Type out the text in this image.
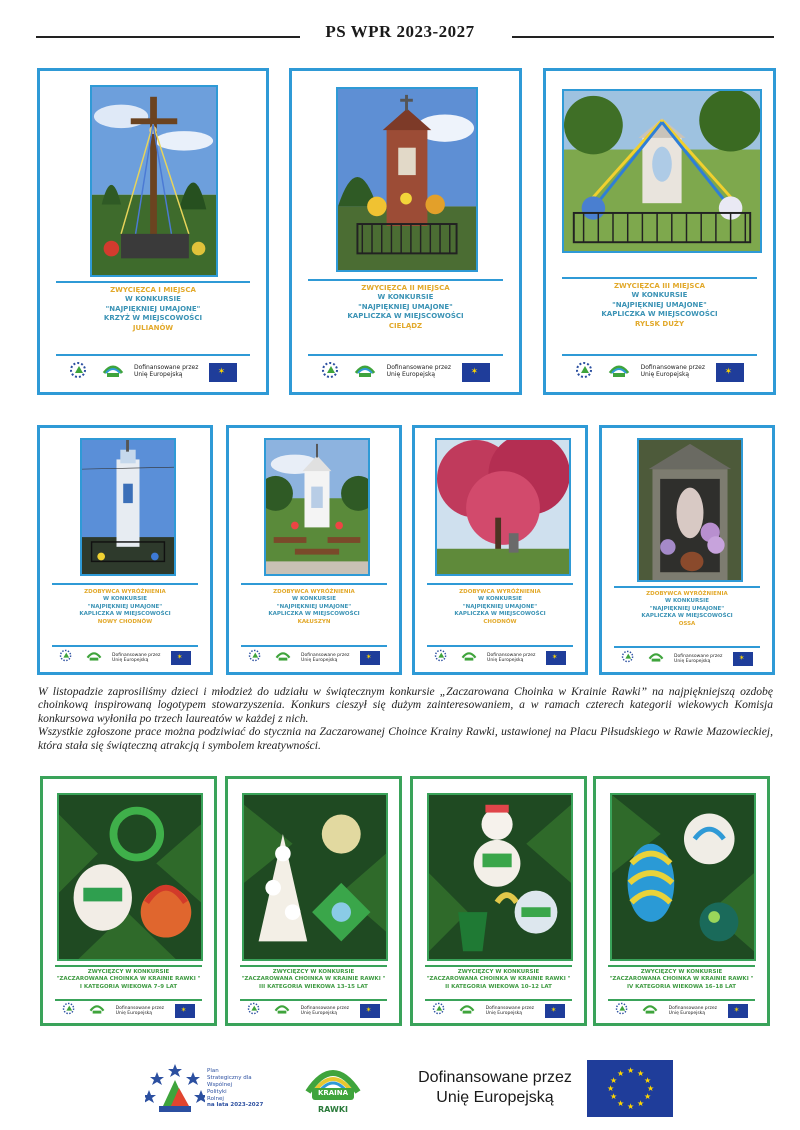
PS WPR 2023-2027
ZWYCIĘZCA I MIEJSCA
W KONKURSIE
"NAJPIĘKNIEJ UMAJONE"
KRZYŻ W MIEJSCOWOŚCI
JULIANÓW
Dofinansowane przez
Unię Europejską	✶
ZWYCIĘZCA II MIEJSCA
W KONKURSIE
"NAJPIĘKNIEJ UMAJONE"
KAPLICZKA W MIEJSCOWOŚCI
CIELĄDZ
Dofinansowane przez
Unię Europejską	✶
ZWYCIĘZCA III MIEJSCA
W KONKURSIE
"NAJPIĘKNIEJ UMAJONE"
KAPLICZKA W MIEJSCOWOŚCI
RYLSK DUŻY
Dofinansowane przez
Unię Europejską	✶
ZDOBYWCA WYRÓŻNIENIA
W KONKURSIE
"NAJPIĘKNIEJ UMAJONE"
KAPLICZKA W MIEJSCOWOŚCI
NOWY CHODNÓW
Dofinansowane przez
Unię Europejską	✶
ZDOBYWCA WYRÓŻNIENIA
W KONKURSIE
"NAJPIĘKNIEJ UMAJONE"
KAPLICZKA W MIEJSCOWOŚCI
KAŁUSZYN
Dofinansowane przez
Unię Europejską	✶
ZDOBYWCA WYRÓŻNIENIA
W KONKURSIE
"NAJPIĘKNIEJ UMAJONE"
KAPLICZKA W MIEJSCOWOŚCI
CHODNÓW
Dofinansowane przez
Unię Europejską	✶
ZDOBYWCA WYRÓŻNIENIA
W KONKURSIE
"NAJPIĘKNIEJ UMAJONE"
KAPLICZKA W MIEJSCOWOŚCI
OSSA
Dofinansowane przez
Unię Europejską	✶
W listopadzie zaprosiliśmy dzieci i młodzież do udziału w świątecznym konkursie „Zaczarowana Choinka w Krainie Rawki” na najpiękniejszą ozdobę choinkową inspirowaną logotypem stowarzyszenia. Konkurs cieszył się dużym zainteresowaniem, a w ramach czterech kategorii wiekowych Komisja konkursowa wyłoniła po trzech laureatów w każdej z nich.
Wszystkie zgłoszone prace można podziwiać do stycznia na Zaczarowanej Choince Krainy Rawki, ustawionej na Placu Piłsudskiego w Rawie Mazowieckiej, która stała się świąteczną atrakcją i symbolem kreatywności.
ZWYCIĘZCY W KONKURSIE
"ZACZAROWANA CHOINKA W KRAINIE RAWKI "
I KATEGORIA WIEKOWA 7–9 LAT
Dofinansowane przez
Unię Europejską	✶
ZWYCIĘZCY W KONKURSIE
"ZACZAROWANA CHOINKA W KRAINIE RAWKI "
III KATEGORIA WIEKOWA 13–15 LAT
Dofinansowane przez
Unię Europejską	✶
ZWYCIĘZCY W KONKURSIE
"ZACZAROWANA CHOINKA W KRAINIE RAWKI "
II KATEGORIA WIEKOWA 10–12 LAT
Dofinansowane przez
Unię Europejską	✶
ZWYCIĘZCY W KONKURSIE
"ZACZAROWANA CHOINKA W KRAINIE RAWKI "
IV KATEGORIA WIEKOWA 16–18 LAT
Dofinansowane przez
Unię Europejską	✶
Plan
Strategiczny dla
Wspólnej
Polityki
Rolnej
na lata 2023-2027
KRAINA
RAWKI
Dofinansowane przez
Unię Europejską
★ ★
★
★
★
★
★
★
★
★
★
★
